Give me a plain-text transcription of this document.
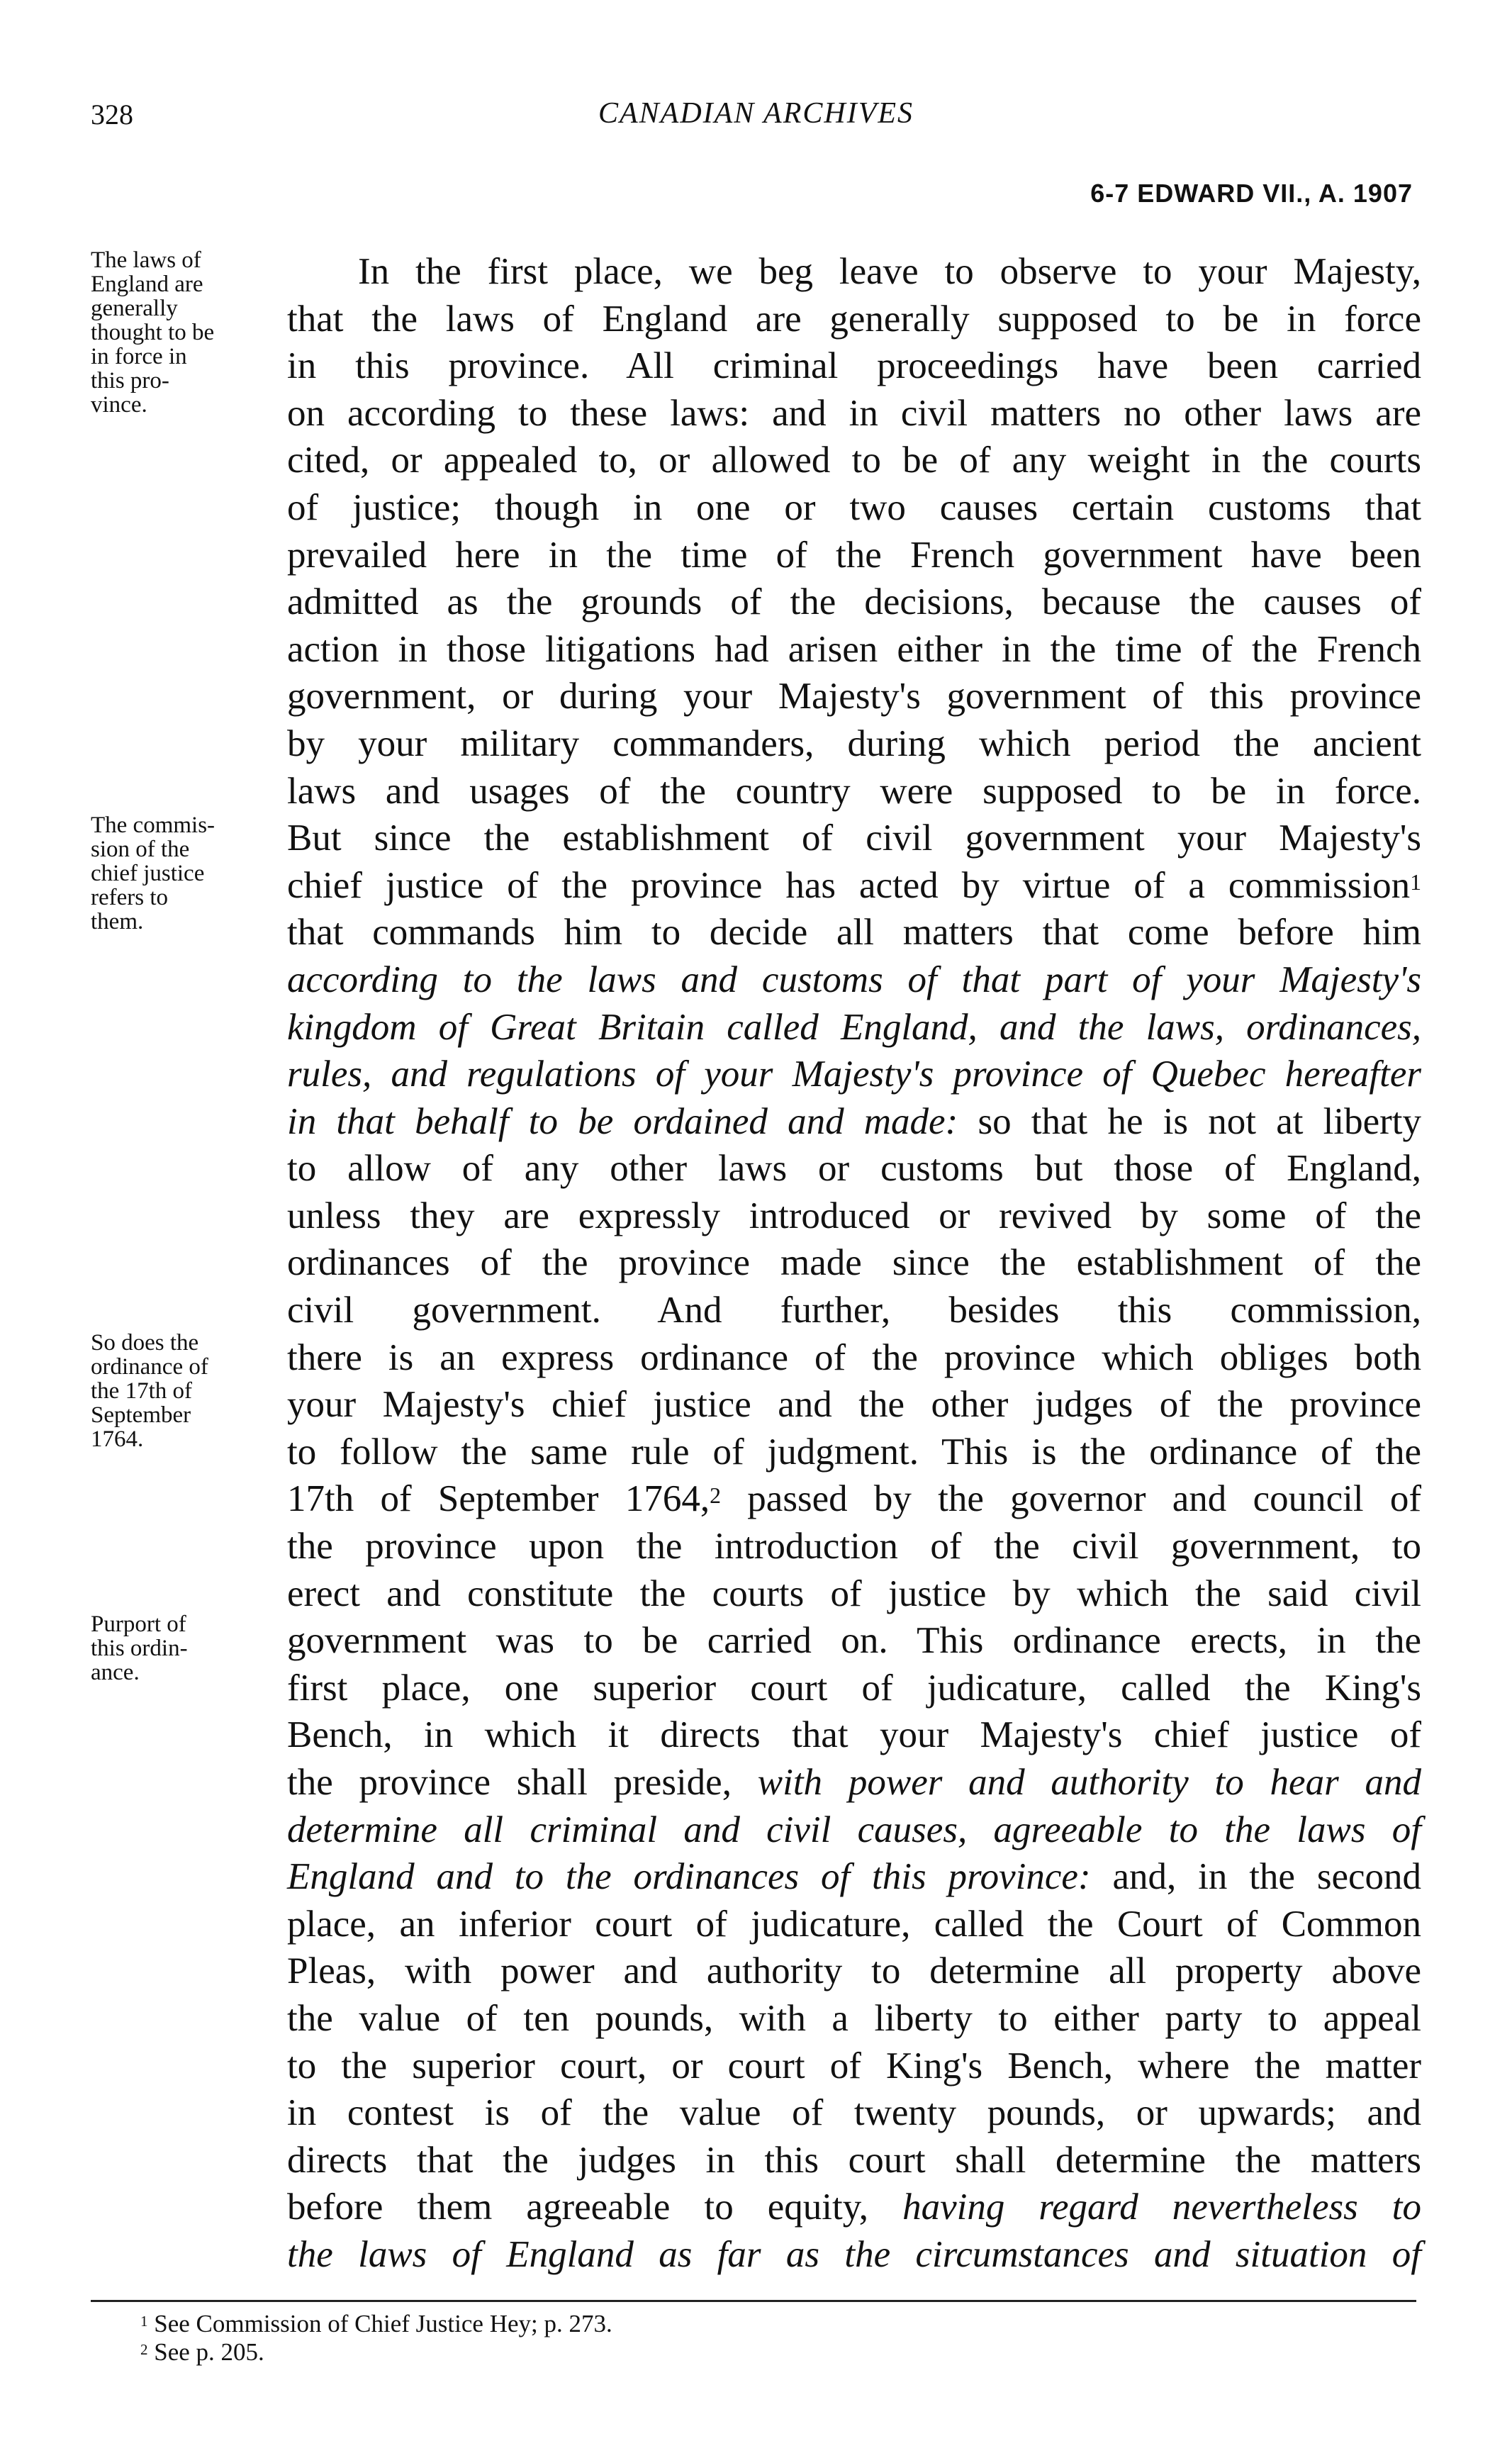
328	CANADIAN ARCHIVES
6-7 EDWARD VII., A. 1907
The laws of
England are
generally
thought to be
in force in
this pro-
vince.
The commis-
sion of the
chief justice
refers to
them.
So does the
ordinance of
the 17th of
September
1764.
Purport of
this ordin-
ance.
In the first place, we beg leave to observe to your Majesty,
that the laws of England are generally supposed to be in force
in this province. All criminal proceedings have been carried
on according to these laws: and in civil matters no other laws are
cited, or appealed to, or allowed to be of any weight in the courts
of justice; though in one or two causes certain customs that
prevailed here in the time of the French government have been
admitted as the grounds of the decisions, because the causes of
action in those litigations had arisen either in the time of the French
government, or during your Majesty's government of this province
by your military commanders, during which period the ancient
laws and usages of the country were supposed to be in force.
But since the establishment of civil government your Majesty's
chief justice of the province has acted by virtue of a commission$^1$
that commands him to decide all matters that come before him
according to the laws and customs of that part of your Majesty's
kingdom of Great Britain called England, and the laws, ordinances,
rules, and regulations of your Majesty's province of Quebec hereafter
in that behalf to be ordained and made: so that he is not at liberty
to allow of any other laws or customs but those of England,
unless they are expressly introduced or revived by some of the
ordinances of the province made since the establishment of the
civil government. And further, besides this commission,
there is an express ordinance of the province which obliges both
your Majesty's chief justice and the other judges of the province
to follow the same rule of judgment. This is the ordinance of the
17th of September 1764,$^2$ passed by the governor and council of
the province upon the introduction of the civil government, to
erect and constitute the courts of justice by which the said civil
government was to be carried on. This ordinance erects, in the
first place, one superior court of judicature, called the King's
Bench, in which it directs that your Majesty's chief justice of
the province shall preside, with power and authority to hear and
determine all criminal and civil causes, agreeable to the laws of
England and to the ordinances of this province: and, in the second
place, an inferior court of judicature, called the Court of Common
Pleas, with power and authority to determine all property above
the value of ten pounds, with a liberty to either party to appeal
to the superior court, or court of King's Bench, where the matter
in contest is of the value of twenty pounds, or upwards; and
directs that the judges in this court shall determine the matters
before them agreeable to equity, having regard nevertheless to
the laws of England as far as the circumstances and situation of
$^1$ See Commission of Chief Justice Hey; p. 273.
$^2$ See p. 205.
